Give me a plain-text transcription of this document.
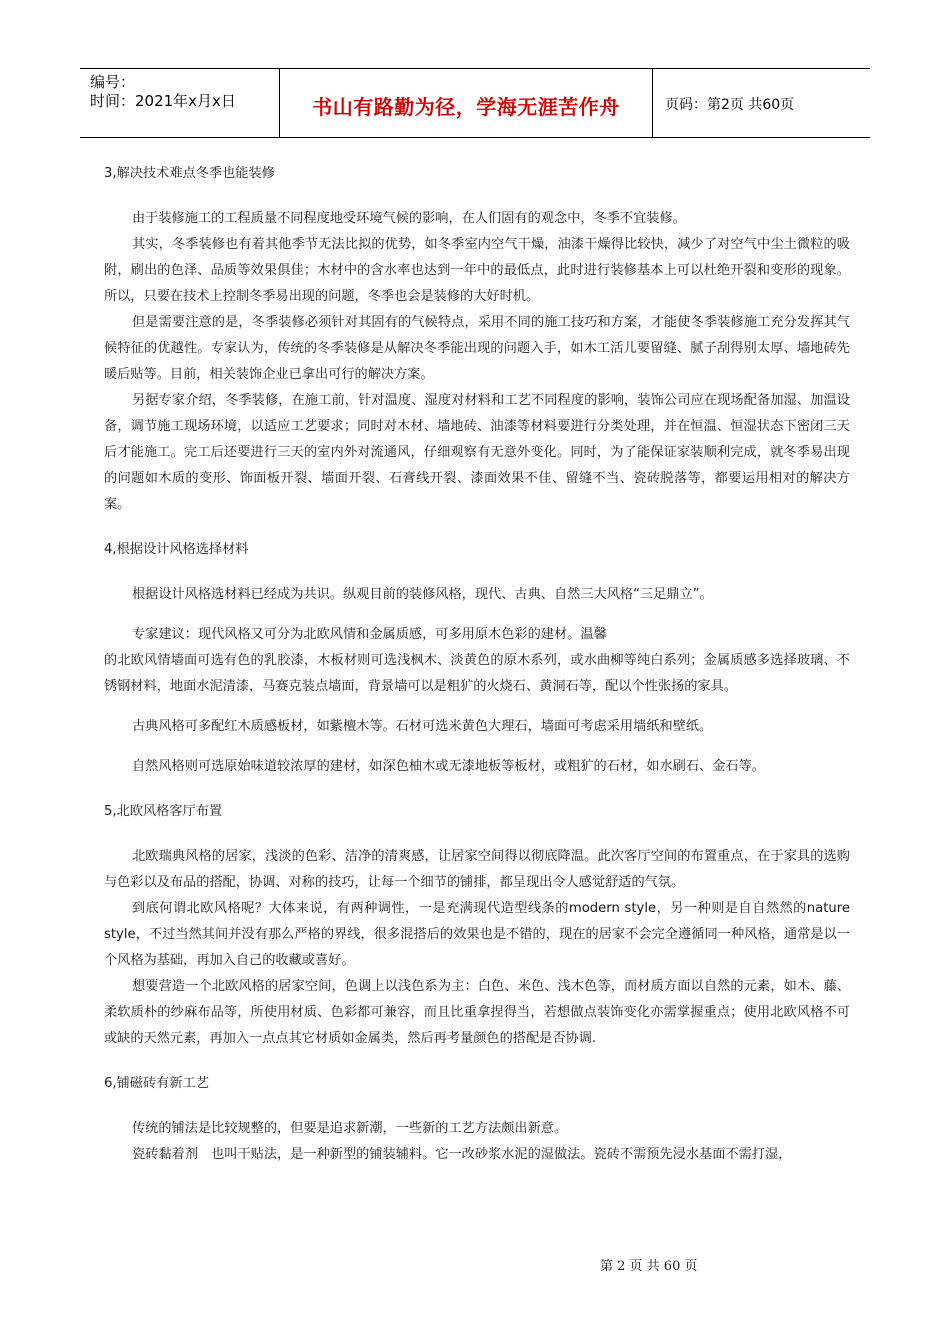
编号：
时间：2021年x月x日	书山有路勤为径，学海无涯苦作舟	页码：第2页 共60页
3,解决技术难点冬季也能装修

由于装修施工的工程质量不同程度地受环境气候的影响，在人们固有的观念中，冬季不宜装修。

其实，冬季装修也有着其他季节无法比拟的优势，如冬季室内空气干燥，油漆干燥得比较快，减少了对空气中尘土微粒的吸附，刷出的色泽、品质等效果俱佳；木材中的含水率也达到一年中的最低点，此时进行装修基本上可以杜绝开裂和变形的现象。所以，只要在技术上控制冬季易出现的问题，冬季也会是装修的大好时机。

但是需要注意的是，冬季装修必须针对其固有的气候特点，采用不同的施工技巧和方案，才能使冬季装修施工充分发挥其气候特征的优越性。专家认为，传统的冬季装修是从解决冬季能出现的问题入手，如木工活儿要留缝、腻子刮得别太厚、墙地砖先暖后贴等。目前，相关装饰企业已拿出可行的解决方案。

另据专家介绍，冬季装修，在施工前，针对温度、湿度对材料和工艺不同程度的影响，装饰公司应在现场配备加湿、加温设备，调节施工现场环境，以适应工艺要求；同时对木材、墙地砖、油漆等材料要进行分类处理，并在恒温、恒湿状态下密闭三天后才能施工。完工后还要进行三天的室内外对流通风，仔细观察有无意外变化。同时，为了能保证家装顺利完成，就冬季易出现的问题如木质的变形、饰面板开裂、墙面开裂、石膏线开裂、漆面效果不佳、留缝不当、瓷砖脱落等，都要运用相对的解决方案。

4,根据设计风格选择材料

根据设计风格选材料已经成为共识。纵观目前的装修风格，现代、古典、自然三大风格“三足鼎立”。

专家建议：现代风格又可分为北欧风情和金属质感，可多用原木色彩的建材。温馨

的北欧风情墙面可选有色的乳胶漆，木板材则可选浅枫木、淡黄色的原木系列，或水曲柳等纯白系列；金属质感多选择玻璃、不锈钢材料，地面水泥清漆，马赛克装点墙面，背景墙可以是粗犷的火烧石、黄洞石等，配以个性张扬的家具。

古典风格可多配红木质感板材，如紫檀木等。石材可选米黄色大理石，墙面可考虑采用墙纸和壁纸。

自然风格则可选原始味道较浓厚的建材，如深色柚木或无漆地板等板材，或粗犷的石材，如水刷石、金石等。

5,北欧风格客厅布置

北欧瑞典风格的居家，浅淡的色彩、洁净的清爽感，让居家空间得以彻底降温。此次客厅空间的布置重点，在于家具的选购与色彩以及布品的搭配，协调、对称的技巧，让每一个细节的铺排，都呈现出令人感觉舒适的气氛。

到底何谓北欧风格呢？大体来说，有两种调性，一是充满现代造型线条的modern style，另一种则是自自然然的nature style，不过当然其间并没有那么严格的界线，很多混搭后的效果也是不错的，现在的居家不会完全遵循同一种风格，通常是以一个风格为基础，再加入自己的收藏或喜好。

想要营造一个北欧风格的居家空间，色调上以浅色系为主：白色、米色、浅木色等，而材质方面以自然的元素，如木、藤、柔软质朴的纱麻布品等，所使用材质、色彩都可兼容，而且比重拿捏得当，若想做点装饰变化亦需掌握重点；使用北欧风格不可或缺的天然元素，再加入一点点其它材质如金属类，然后再考量颜色的搭配是否协调.

6,铺磁砖有新工艺

传统的铺法是比较规整的，但要是追求新潮，一些新的工艺方法颇出新意。

瓷砖黏着剂　也叫干贴法，是一种新型的铺装辅料。它一改砂浆水泥的湿做法。瓷砖不需预先浸水基面不需打湿，

第 2 页 共 60 页
